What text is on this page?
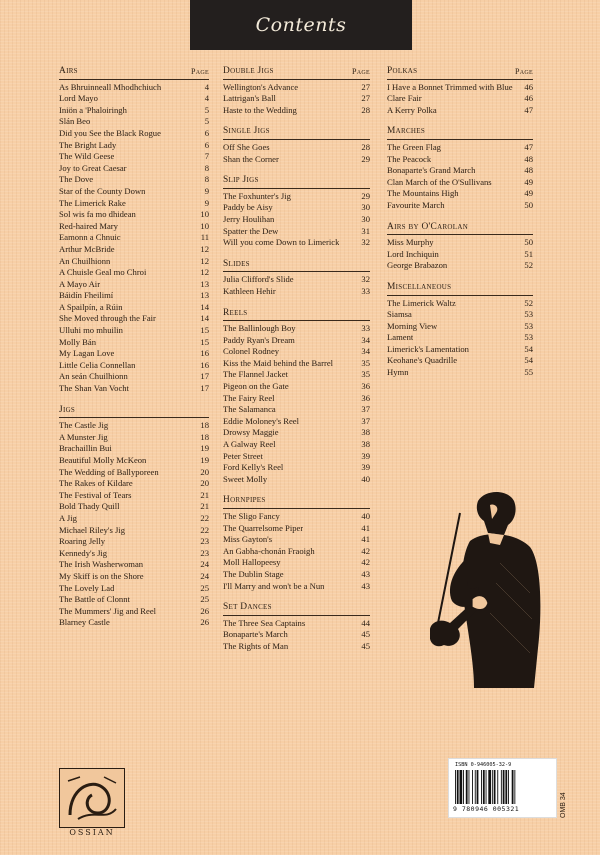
Contents
Airs	Page
As Bhruinneall Mhodhchiuch	4
Lord Mayo	4
Iniön a 'Phaloiringh	5
Slán Beo	5
Did you See the Black Rogue	6
The Bright Lady	6
The Wild Geese	7
Joy to Great Caesar	8
The Dove	8
Star of the County Down	9
The Limerick Rake	9
Sol wis fa mo dhidean	10
Red-haired Mary	10
Eamonn a Chnuic	11
Arthur McBride	12
An Chuilhionn	12
A Chuisle Geal mo Chroi	12
A Mayo Air	13
Báidín Fheilimí	13
A Spailpín, a Rúin	14
She Moved through the Fair	14
Ulluhi mo mhuilin	15
Molly Bán	15
My Lagan Love	16
Little Celia Connellan	16
An seán Chuilhionn	17
The Shan Van Vocht	17
Jigs
The Castle Jig	18
A Munster Jig	18
Brachaillin Bui	19
Beautiful Molly McKeon	19
The Wedding of Ballyporeen	20
The Rakes of Kildare	20
The Festival of Tears	21
Bold Thady Quill	21
A Jig	22
Michael Riley's Jig	22
Roaring Jelly	23
Kennedy's Jig	23
The Irish Washerwoman	24
My Skiff is on the Shore	24
The Lovely Lad	25
The Battle of Clonnt	25
The Mummers' Jig and Reel	26
Blarney Castle	26
Double Jigs	Page
Wellington's Advance	27
Lattrigan's Ball	27
Haste to the Wedding	28
Single Jigs
Off She Goes	28
Shan the Corner	29
Slip Jigs
The Foxhunter's Jig	29
Paddy be Aisy	30
Jerry Houlihan	30
Spatter the Dew	31
Will you come Down to Limerick	32
Slides
Julia Clifford's Slide	32
Kathleen Hehir	33
Reels
The Ballinlough Boy	33
Paddy Ryan's Dream	34
Colonel Rodney	34
Kiss the Maid behind the Barrel	35
The Flannel Jacket	35
Pigeon on the Gate	36
The Fairy Reel	36
The Salamanca	37
Eddie Moloney's Reel	37
Drowsy Maggie	38
A Galway Reel	38
Peter Street	39
Ford Kelly's Reel	39
Sweet Molly	40
Hornpipes
The Sligo Fancy	40
The Quarrelsome Piper	41
Miss Gayton's	41
An Gabha-chonán Fraoigh	42
Moll Hallopeesy	42
The Dublin Stage	43
I'll Marry and won't be a Nun	43
Set Dances
The Three Sea Captains	44
Bonaparte's March	45
The Rights of Man	45
Polkas	Page
I Have a Bonnet Trimmed with Blue	46
Clare Fair	46
A Kerry Polka	47
Marches
The Green Flag	47
The Peacock	48
Bonaparte's Grand March	48
Clan March of the O'Sullivans	49
The Mountains High	49
Favourite March	50
Airs by O'Carolan
Miss Murphy	50
Lord Inchiquin	51
George Brabazon	52
Miscellaneous
The Limerick Waltz	52
Siamsa	53
Morning View	53
Lament	53
Limerick's Lamentation	54
Keohane's Quadrille	54
Hymn	55
OSSIAN
ISBN 0-946005-32-9
9 780946 005321	OMB 34
